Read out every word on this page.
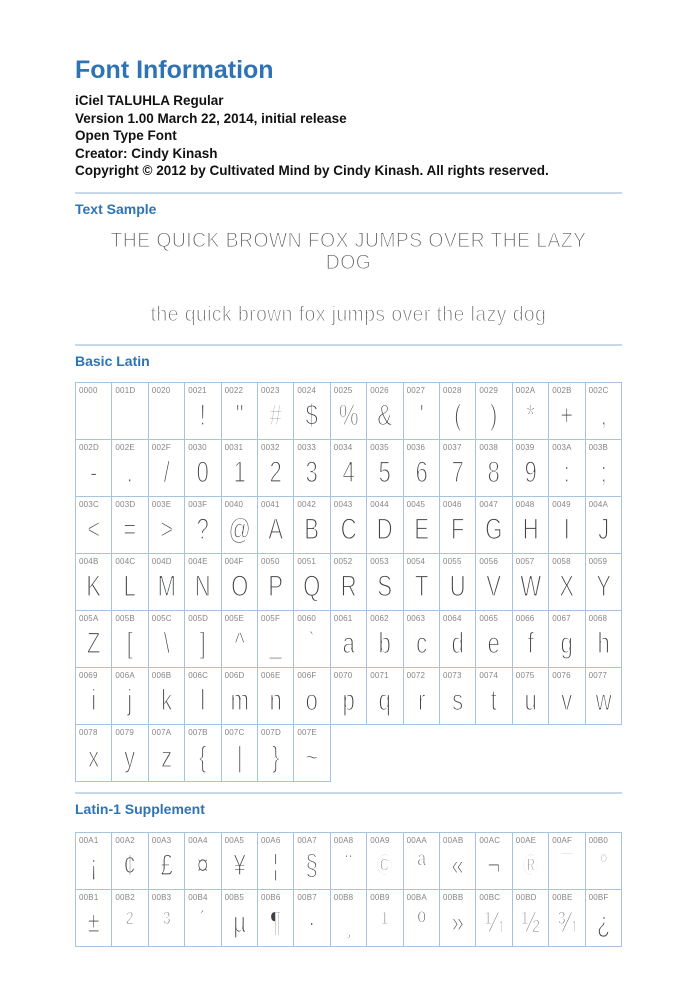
Font Information

iCiel TALUHLA Regular

Version 1.00 March 22, 2014, initial release

Open Type Font

Creator: Cindy Kinash

Copyright © 2012 by Cultivated Mind by Cindy Kinash. All rights reserved.

Text Sample
THE QUICK BROWN FOX JUMPS OVER THE LAZY DOG
the quick brown fox jumps over the lazy dog
Basic Latin
0000 001D 0020 0021
!
0022
"
0023
#
0024
$
0025
%
0026
&
0027
'
0028
(
0029
)
002A
*
002B
+
002C
,
002D
-
002E
.
002F
/
0030
0
0031
1
0032
2
0033
3
0034
4
0035
5
0036
6
0037
7
0038
8
0039
9
003A
:
003B
;
003C
<
003D
=
003E
>
003F
?
0040
@
0041
A
0042
B
0043
C
0044
D
0045
E
0046
F
0047
G
0048
H
0049
I
004A
J
004B
K
004C
L
004D
M
004E
N
004F
O
0050
P
0051
Q
0052
R
0053
S
0054
T
0055
U
0056
V
0057
W
0058
X
0059
Y
005A
Z
005B
[
005C
\
005D
]
005E
^
005F
_
0060
`
0061
a
0062
b
0063
c
0064
d
0065
e
0066
f
0067
g
0068
h
0069
i
006A
j
006B
k
006C
l
006D
m
006E
n
006F
o
0070
p
0071
q
0072
r
0073
s
0074
t
0075
u
0076
v
0077
w
0078
x
0079
y
007A
z
007B
{
007C
|
007D
}
007E
~
Latin-1 Supplement
00A1
¡
00A2
¢
00A3
£
00A4
¤
00A5
¥
00A6
¦
00A7
§
00A8
¨
00A9
©
00AA
ª
00AB
«
00AC
¬
00AE
®
00AF
¯
00B0
°
00B1
±
00B2
²
00B3
³
00B4
´
00B5
µ
00B6
¶
00B7
·
00B8
¸
00B9
¹
00BA
º
00BB
»
00BC
¼
00BD
½
00BE
¾
00BF
¿
